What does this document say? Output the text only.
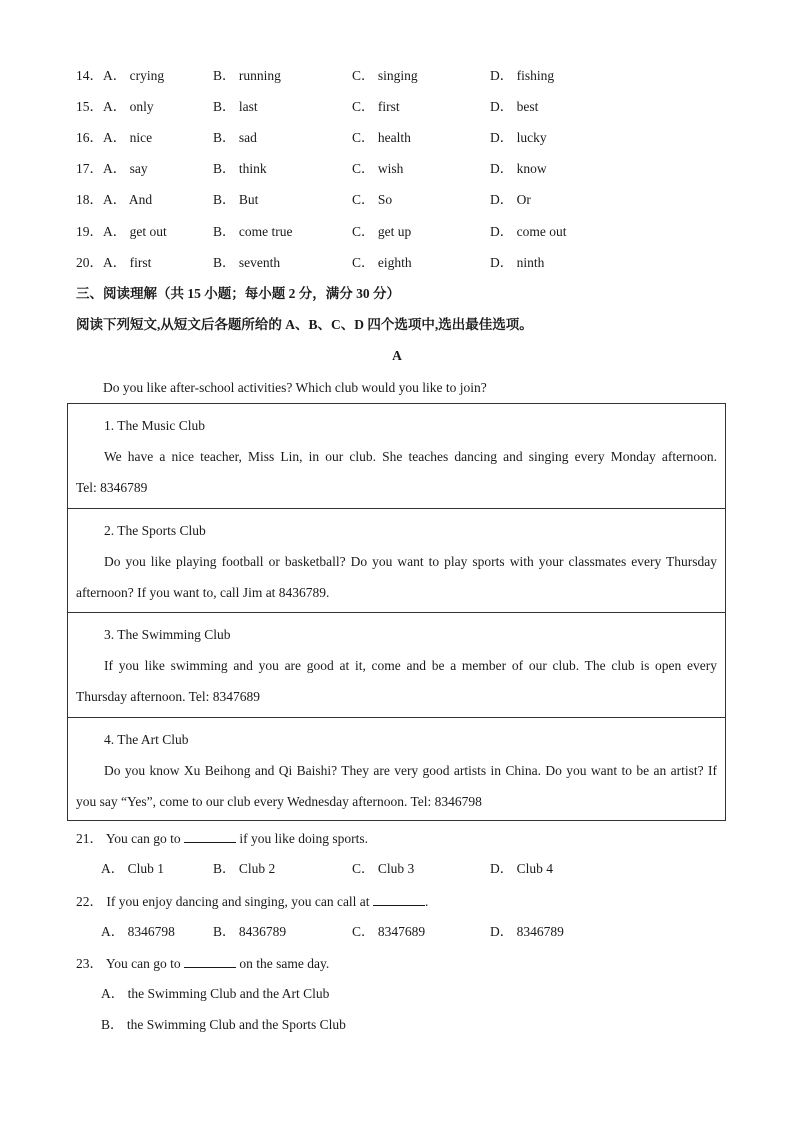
14． A． crying	B． running	C． singing	D． fishing
15． A． only	B． last	C． first	D． best
16． A． nice	B． sad	C． health	D． lucky
17． A． say	B． think	C． wish	D． know
18． A． And	B． But	C． So	D． Or
19． A． get out	B． come true	C． get up	D． come out
20． A． first	B． seventh	C． eighth	D． ninth
三、阅读理解（共 15 小题；每小题 2 分，满分 30 分）
阅读下列短文,从短文后各题所给的 A、B、C、D 四个选项中,选出最佳选项。
A
Do you like after-school activities? Which club would you like to join?
1. The Music Club
We have a nice teacher, Miss Lin, in our club. She teaches dancing and singing every Monday afternoon.
Tel: 8346789
2. The Sports Club
Do you like playing football or basketball? Do you want to play sports with your classmates every Thursday
afternoon? If you want to, call Jim at 8436789.
3. The Swimming Club
If you like swimming and you are good at it, come and be a member of our club. The club is open every
Thursday afternoon. Tel: 8347689
4. The Art Club
Do you know Xu Beihong and Qi Baishi? They are very good artists in China. Do you want to be an artist? If
you say “Yes”, come to our club every Wednesday afternoon. Tel: 8346798
21． You can go to	if you like doing sports.
A． Club 1	B． Club 2	C． Club 3	D． Club 4
22． If you enjoy dancing and singing, you can call at	.
A． 8346798	B． 8436789	C． 8347689	D． 8346789
23． You can go to	on the same day.
A． the Swimming Club and the Art Club
B． the Swimming Club and the Sports Club
